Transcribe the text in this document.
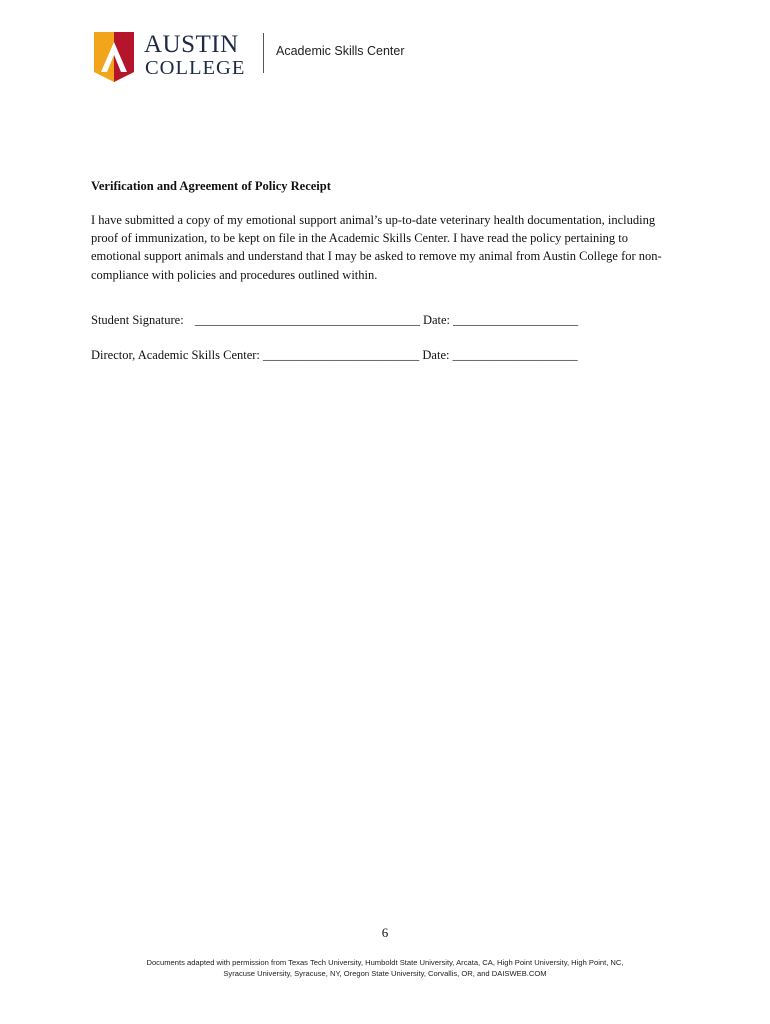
AUSTIN
COLLEGE
Academic Skills Center
Verification and Agreement of Policy Receipt

I have submitted a copy of my emotional support animal’s up-to-date veterinary health documentation, including proof of immunization, to be kept on file in the Academic Skills Center. I have read the policy pertaining to emotional support animals and understand that I may be asked to remove my animal from Austin College for non-compliance with policies and procedures outlined within.

Student Signature: ____________________________________ Date: ____________________

Director, Academic Skills Center: _________________________ Date: ____________________

6
Documents adapted with permission from Texas Tech University, Humboldt State University, Arcata, CA, High Point University, High Point, NC,
Syracuse University, Syracuse, NY, Oregon State University, Corvallis, OR, and DAISWEB.COM
